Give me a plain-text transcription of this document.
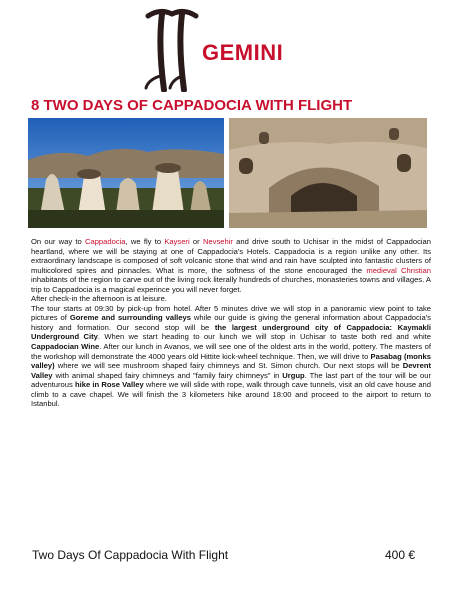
GEMINI
8 TWO DAYS OF CAPPADOCIA WITH FLIGHT

On our way to Cappadocia, we fly to Kayseri or Nevsehir and drive south to Uchisar in the midst of Cappadocian heartland, where we will be staying at one of Cappadocia's Hotels. Cappadocia is a region unlike any other. Its extraordinary landscape is composed of soft volcanic stone that wind and rain have sculpted into fantastic clusters of multicolored spires and pinnacles. What is more, the softness of the stone encouraged the medieval Christian inhabitants of the region to carve out of the living rock literally hundreds of churches, monasteries towns and villages. A trip to Cappadocia is a magical experince you will never forget.

After check-in the afternoon is at leisure.

The tour starts at 09:30 by pick-up from hotel. After 5 minutes drive we will stop in a panoramic view point to take pictures of Goreme and surrounding valleys while our guide is giving the general information about Cappadocia's history and formation. Our second stop will be the largest underground city of Cappadocia: Kaymakli Underground City. When we start heading to our lunch we will stop in Uchisar to taste both red and white Cappadocian Wine. After our lunch in Avanos, we will see one of the oldest arts in the world, pottery. The masters of the workshop will demonstrate the 4000 years old Hittite kick-wheel technique. Then, we will drive to Pasabag (monks valley) where we will see mushroom shaped fairy chimneys and St. Simon church. Our next stops will be Devrent Valley with animal shaped fairy chimneys and "family fairy chimneys" in Urgup. The last part of the tour will be our adventurous hike in Rose Valley where we will slide with rope, walk through cave tunnels, visit an old cave house and climb to a cave chapel. We will finish the 3 kilometers hike around 18:00 and proceed to the airport to return to Istanbul.

Two Days Of Cappadocia With Flight	400 €
